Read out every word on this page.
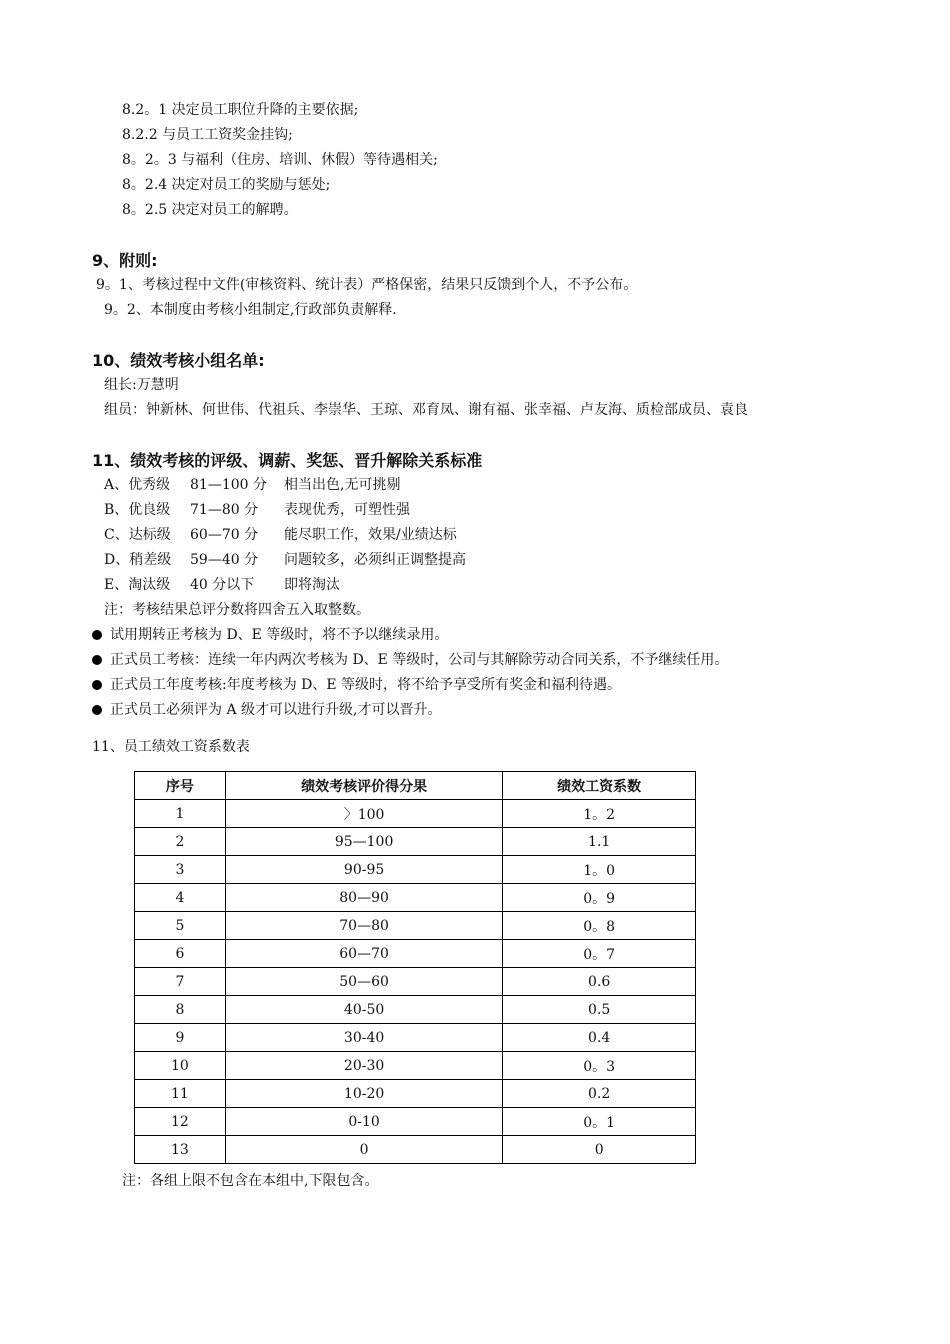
8.2。1 决定员工职位升降的主要依据;
8.2.2 与员工工资奖金挂钩;
8。2。3 与福利（住房、培训、休假）等待遇相关;
8。2.4 决定对员工的奖励与惩处;
8。2.5 决定对员工的解聘。
9、附则:
9。1、考核过程中文件(审核资料、统计表）严格保密，结果只反馈到个人，不予公布。
9。2、本制度由考核小组制定,行政部负责解释.
10、绩效考核小组名单:
组长:万慧明
组员：钟新林、何世伟、代祖兵、李崇华、王琼、邓育凤、谢有福、张幸福、卢友海、质检部成员、袁良
11、绩效考核的评级、调薪、奖惩、晋升解除关系标准
A、优秀级 81—100 分 相当出色,无可挑剔
B、优良级 71—80 分 表现优秀，可塑性强
C、达标级 60—70 分 能尽职工作，效果/业绩达标
D、稍差级 59—40 分 问题较多，必须纠正调整提高
E、淘汰级 40 分以下 即将淘汰
注：考核结果总评分数将四舍五入取整数。
试用期转正考核为 D、E 等级时，将不予以继续录用。
正式员工考核：连续一年内两次考核为 D、E 等级时，公司与其解除劳动合同关系，不予继续任用。
正式员工年度考核:年度考核为 D、E 等级时，将不给予享受所有奖金和福利待遇。
正式员工必须评为 A 级才可以进行升级,才可以晋升。
11、员工绩效工资系数表
序号	绩效考核评价得分果	绩效工资系数
1	〉100	1。2
2	95—100	1.1
3	90-95	1。0
4	80—90	0。9
5	70—80	0。8
6	60—70	0。7
7	50—60	0.6
8	40-50	0.5
9	30-40	0.4
10	20-30	0。3
11	10-20	0.2
12	0-10	0。1
13	0	0
注：各组上限不包含在本组中,下限包含。
